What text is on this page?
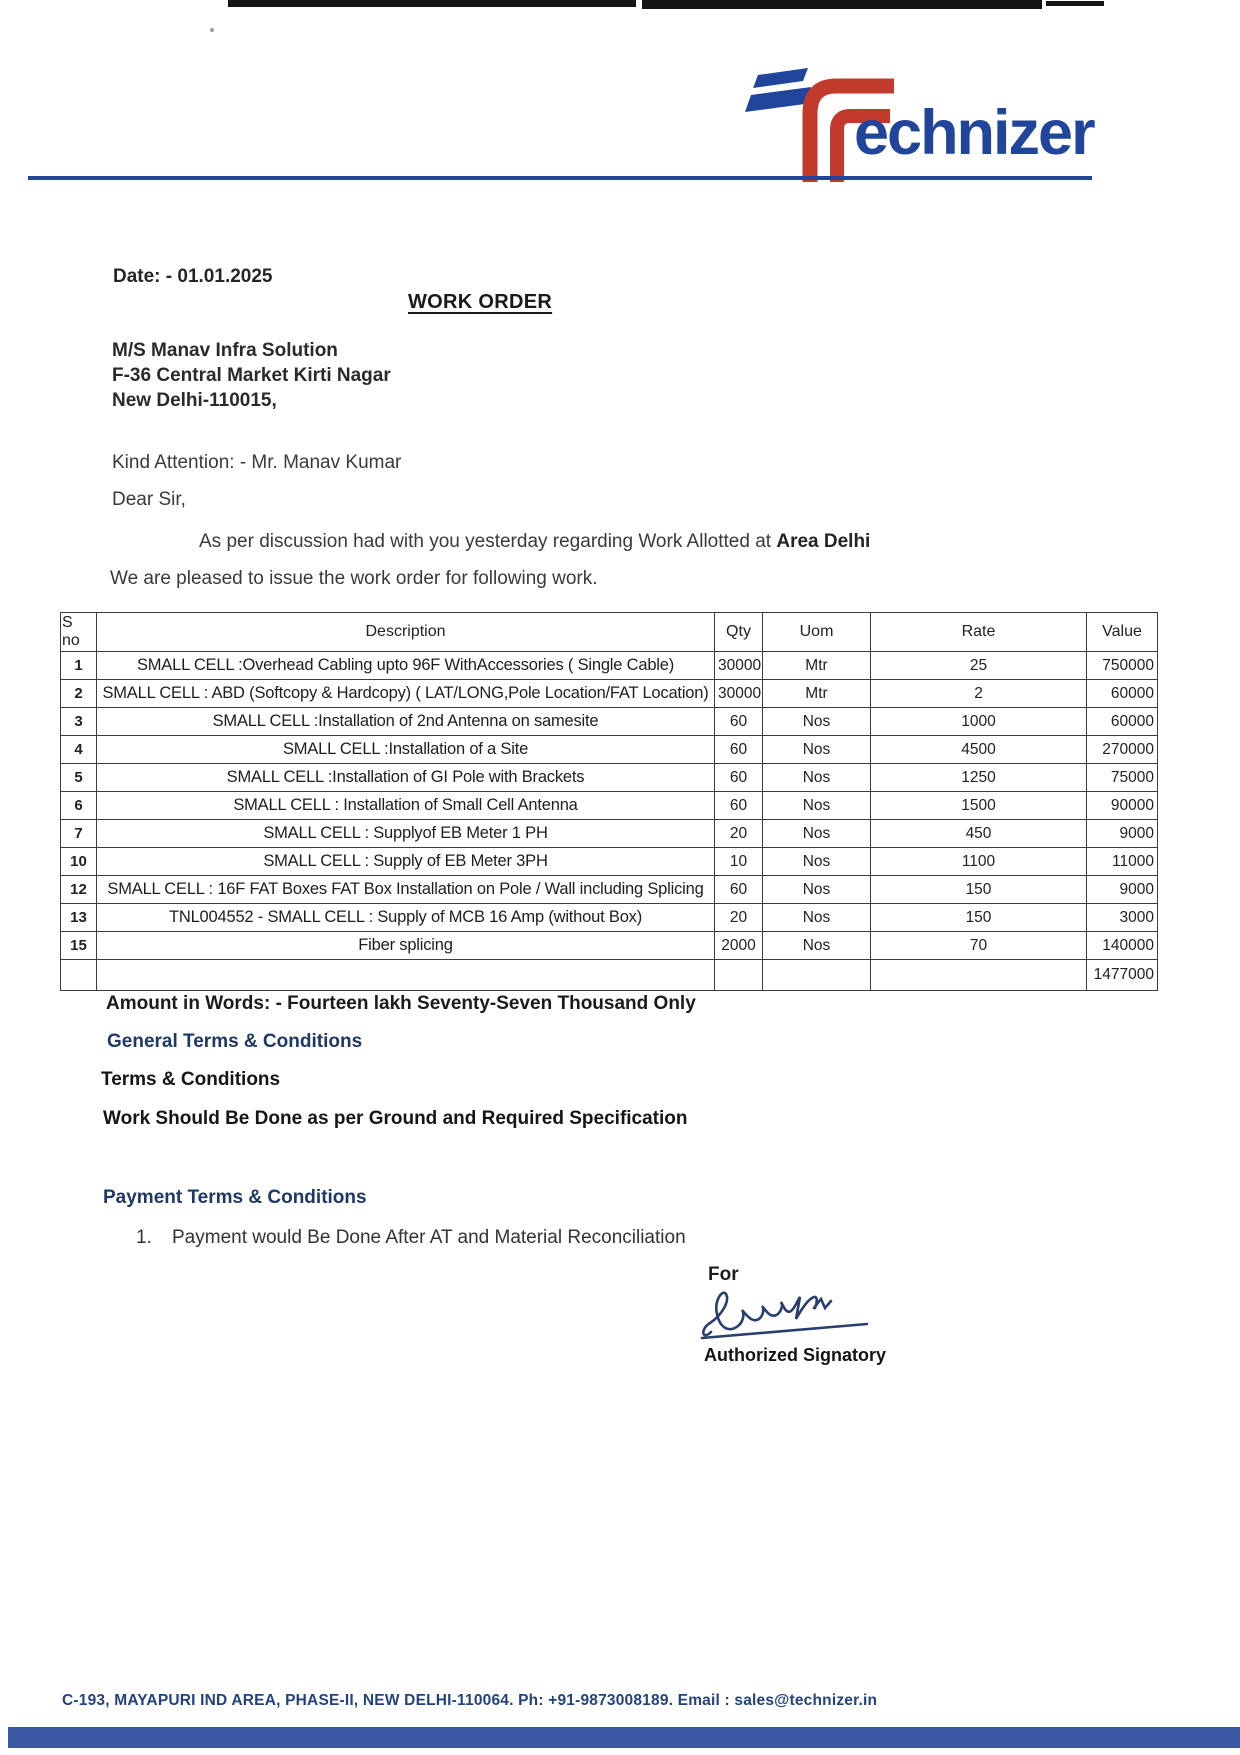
echnizer
Date: - 01.01.2025
WORK ORDER
M/S Manav Infra Solution
F-36 Central Market Kirti Nagar
New Delhi-110015,
Kind Attention: - Mr. Manav Kumar
Dear Sir,
As per discussion had with you yesterday regarding Work Allotted at Area Delhi
We are pleased to issue the work order for following work.
S no	Description	Qty	Uom	Rate	Value
1	SMALL CELL :Overhead Cabling upto 96F WithAccessories ( Single Cable)	30000	Mtr	25	750000
2	SMALL CELL : ABD (Softcopy & Hardcopy) ( LAT/LONG,Pole Location/FAT Location)	30000	Mtr	2	60000
3	SMALL CELL :Installation of 2nd Antenna on samesite	60	Nos	1000	60000
4	SMALL CELL :Installation of a Site	60	Nos	4500	270000
5	SMALL CELL :Installation of GI Pole with Brackets	60	Nos	1250	75000
6	SMALL CELL : Installation of Small Cell Antenna	60	Nos	1500	90000
7	SMALL CELL : Supplyof EB Meter 1 PH	20	Nos	450	9000
10	SMALL CELL : Supply of EB Meter 3PH	10	Nos	1100	11000
12	SMALL CELL : 16F FAT Boxes FAT Box Installation on Pole / Wall including Splicing	60	Nos	150	9000
13	TNL004552 - SMALL CELL : Supply of MCB 16 Amp (without Box)	20	Nos	150	3000
15	Fiber splicing	2000	Nos	70	140000
					1477000
Amount in Words: - Fourteen lakh Seventy-Seven Thousand Only
General Terms & Conditions
Terms & Conditions
Work Should Be Done as per Ground and Required Specification
Payment Terms & Conditions
1. Payment would Be Done After AT and Material Reconciliation
For
Authorized Signatory
C-193, MAYAPURI IND AREA, PHASE-II, NEW DELHI-110064. Ph: +91-9873008189. Email : sales@technizer.in
